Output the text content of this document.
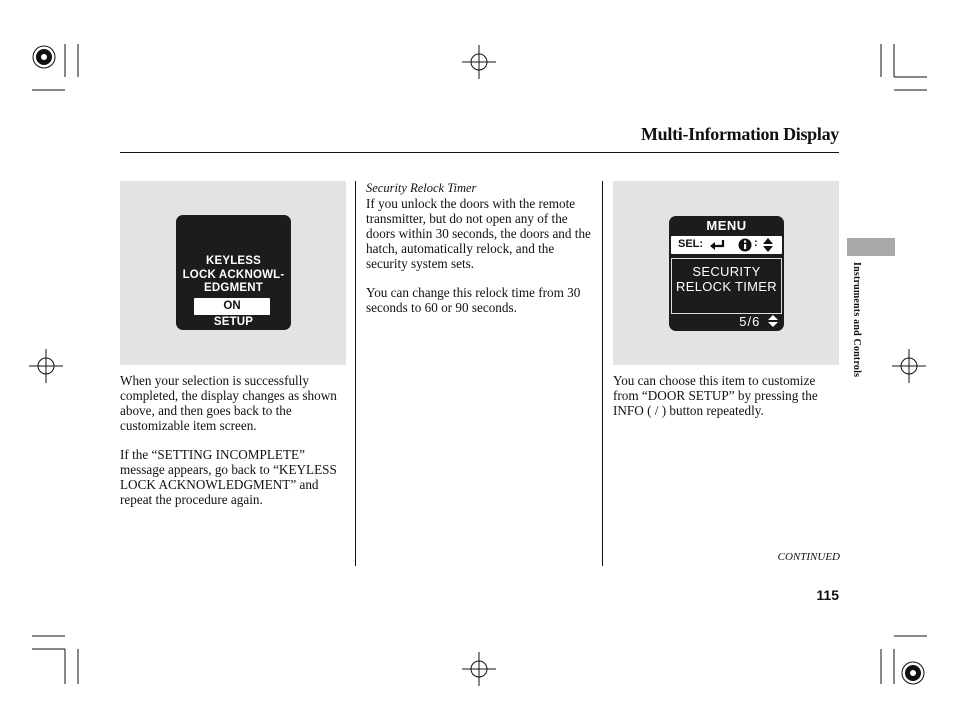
Multi-Information Display
KEYLESS
LOCK ACKNOWL-
EDGMENT
ON
SETUP

When your selection is successfully completed, the display changes as shown above, and then goes back to the customizable item screen.

If the “SETTING INCOMPLETE” message appears, go back to “KEYLESS LOCK ACKNOWLEDGMENT” and repeat the procedure again.

Security Relock Timer

If you unlock the doors with the remote transmitter, but do not open any of the doors within 30 seconds, the doors and the hatch, automatically relock, and the security system sets.

You can change this relock time from 30 seconds to 60 or 90 seconds.

MENU
SEL:	:
SECURITY
RELOCK TIMER
5/6

You can choose this item to customize from “DOOR SETUP” by pressing the INFO ( / ) button repeatedly.

Instruments and Controls
CONTINUED
115
